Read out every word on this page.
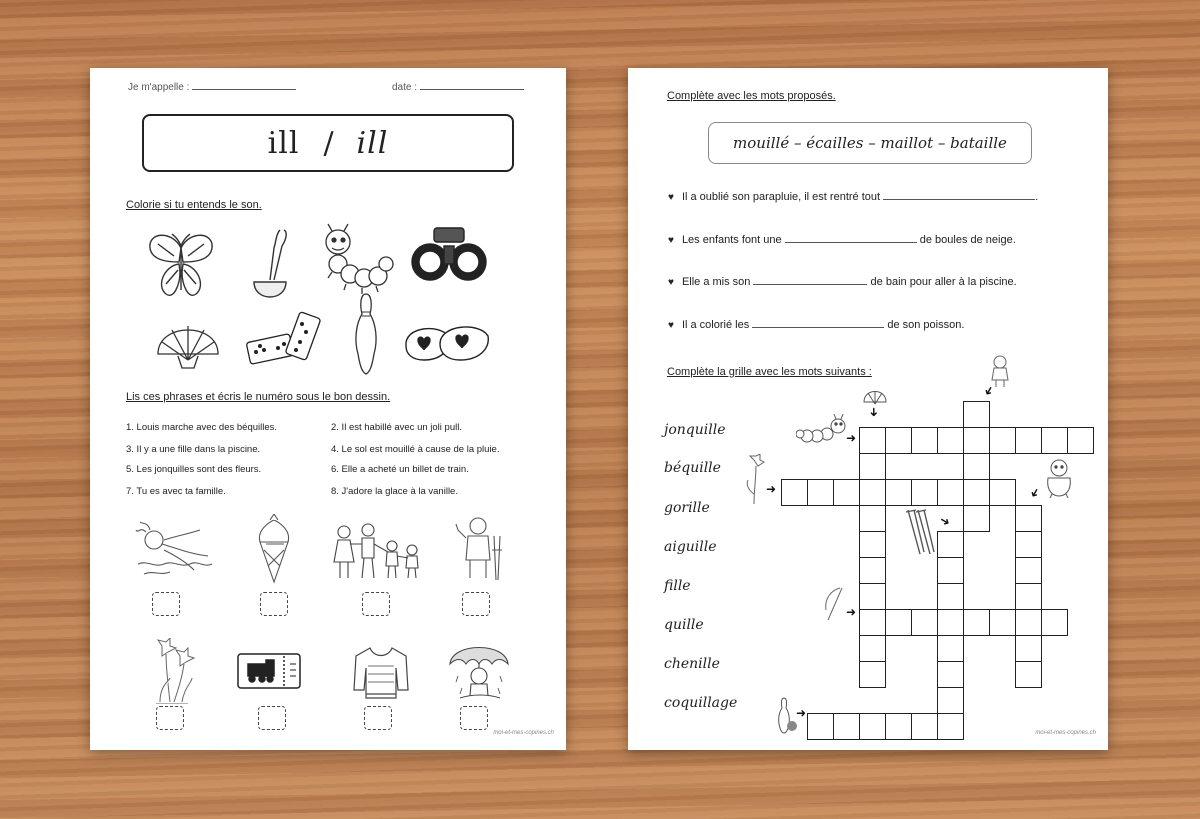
Je m'appelle :	date :
ill / ill
Colorie si tu entends le son.
Lis ces phrases et écris le numéro sous le bon dessin.
1. Louis marche avec des béquilles.	2. Il est habillé avec un joli pull.
3. Il y a une fille dans la piscine.	4. Le sol est mouillé à cause de la pluie.
5. Les jonquilles sont des fleurs.	6. Elle a acheté un billet de train.
7. Tu es avec ta famille.	8. J'adore la glace à la vanille.
moi-et-mes-copines.ch
Complète avec les mots proposés.
mouillé – écailles – maillot – bataille
♥ Il a oublié son parapluie, il est rentré tout	.
♥ Les enfants font une	de boules de neige.
♥ Elle a mis son	de bain pour aller à la piscine.
♥ Il a colorié les	de son poisson.
Complète la grille avec les mots suivants :
jonquille
béquille
gorille
aiguille
fille
quille
chenille
coquillage
➜
➜
➜
➜	➜
➜
➜
➜
moi-et-mes-copines.ch
